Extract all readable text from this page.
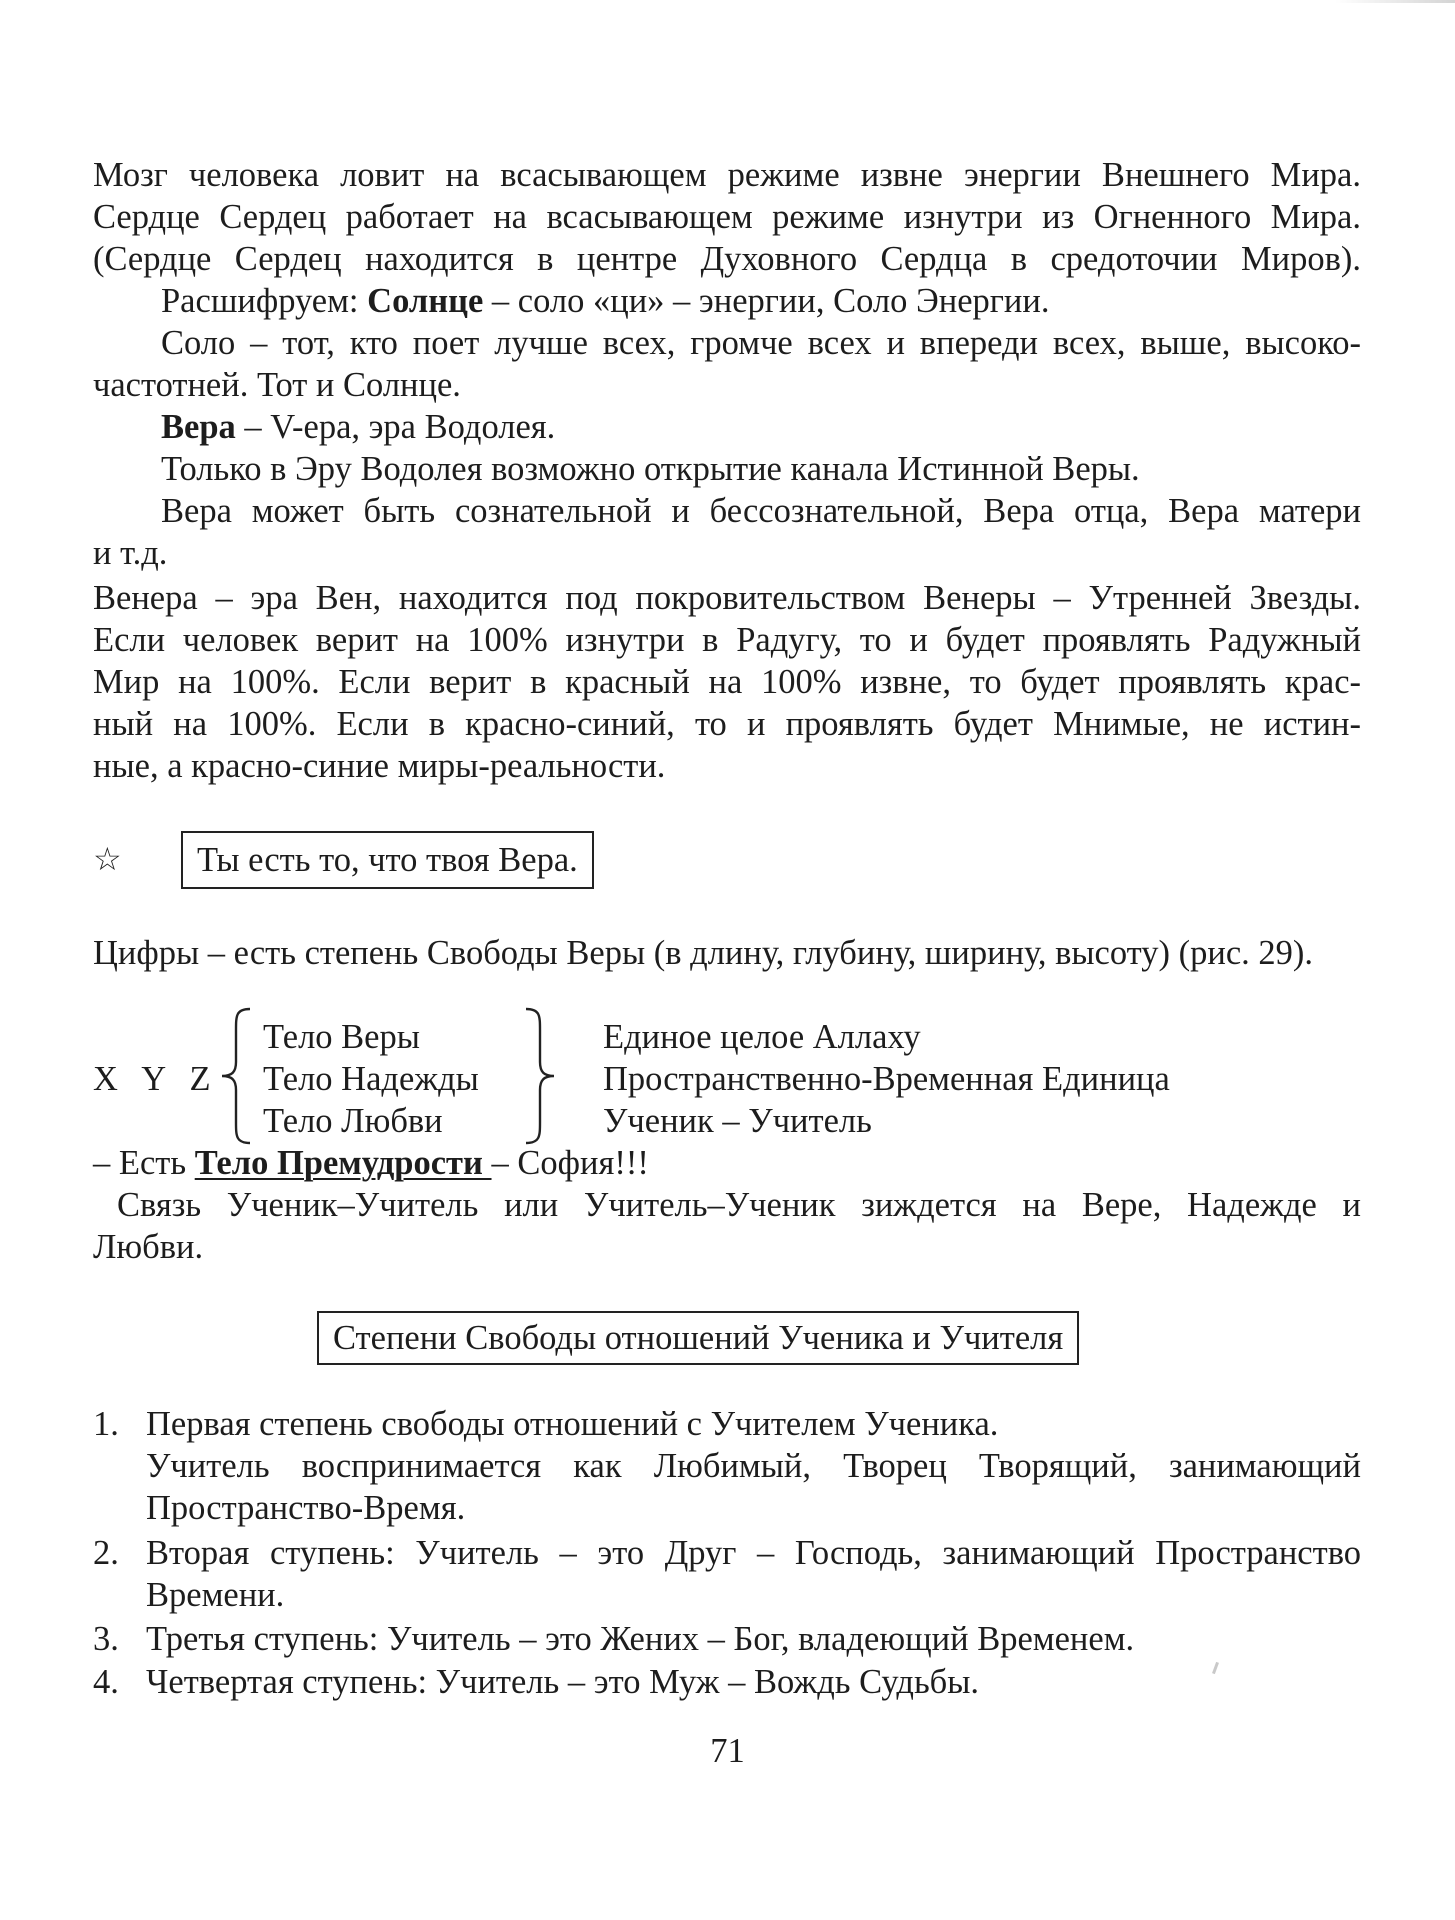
Мозг человека ловит на всасывающем режиме извне энергии Внешнего Мира.
Сердце Сердец работает на всасывающем режиме изнутри из Огненного Мира.
(Сердце Сердец находится в центре Духовного Сердца в средоточии Миров).
Расшифруем: Солнце – соло «ци» – энергии, Соло Энергии.
Соло – тот, кто поет лучше всех, громче всех и впереди всех, выше, высоко-
частотней. Тот и Солнце.
Вера – V-ера, эра Водолея.
Только в Эру Водолея возможно открытие канала Истинной Веры.
Вера может быть сознательной и бессознательной, Вера отца, Вера матери
и т.д.
Венера – эра Вен, находится под покровительством Венеры – Утренней Звезды.
Если человек верит на 100% изнутри в Радугу, то и будет проявлять Радужный
Мир на 100%. Если верит в красный на 100% извне, то будет проявлять крас-
ный на 100%. Если в красно-синий, то и проявлять будет Мнимые, не истин-
ные, а красно-синие миры-реальности.
☆	Ты есть то, что твоя Вера.
Цифры – есть степень Свободы Веры (в длину, глубину, ширину, высоту) (рис. 29).
X Y Z
Тело Веры
Тело Надежды
Тело Любви
Единое целое Аллаху
Пространственно-Временная Единица
Ученик – Учитель
– Есть Тело Премудрости – София!!!
Связь Ученик–Учитель или Учитель–Ученик зиждется на Вере, Надежде и
Любви.
Степени Свободы отношений Ученика и Учителя
1. Первая степень свободы отношений с Учителем Ученика.
Учитель воспринимается как Любимый, Творец Творящий, занимающий
Пространство-Время.
2. Вторая ступень: Учитель – это Друг – Господь, занимающий Пространство
Времени.
3. Третья ступень: Учитель – это Жених – Бог, владеющий Временем.
4. Четвертая ступень: Учитель – это Муж – Вождь Судьбы.
71
